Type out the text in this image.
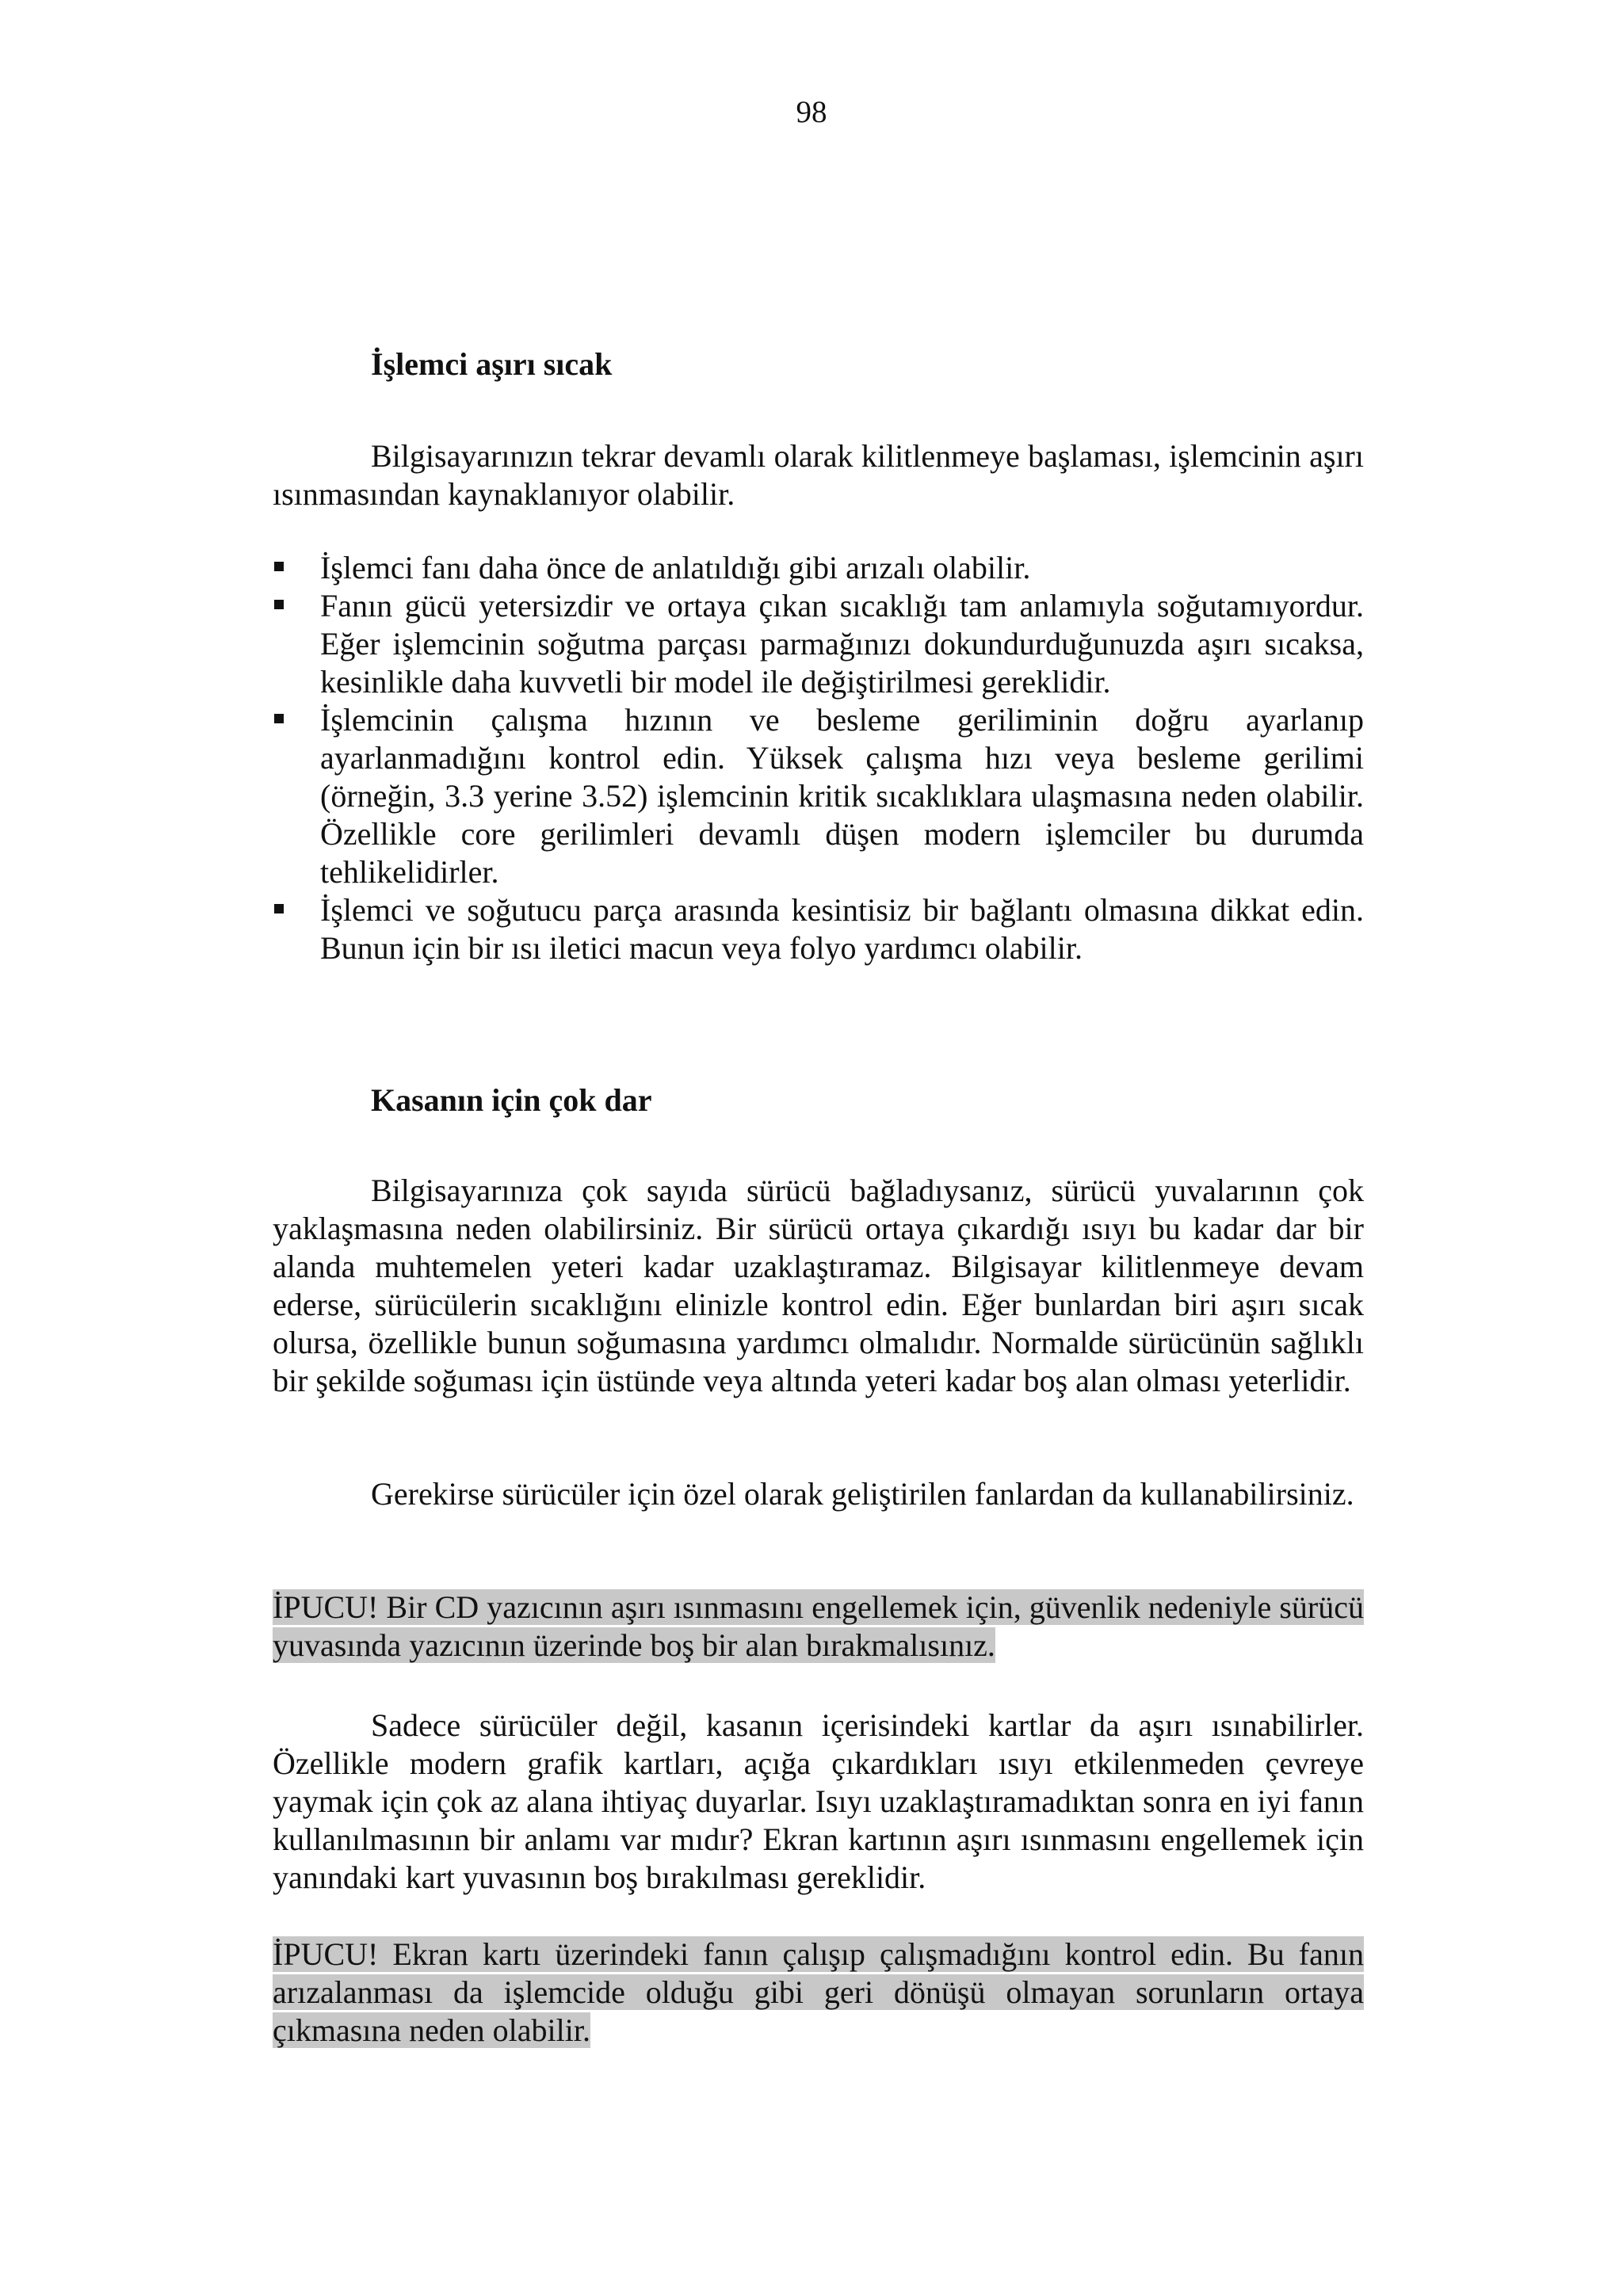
98
İşlemci aşırı sıcak

Bilgisayarınızın tekrar devamlı olarak kilitlenmeye başlaması, işlemcinin aşırı ısınmasından kaynaklanıyor olabilir.

İşlemci fanı daha önce de anlatıldığı gibi arızalı olabilir.
Fanın gücü yetersizdir ve ortaya çıkan sıcaklığı tam anlamıyla soğutamıyordur. Eğer işlemcinin soğutma parçası parmağınızı dokundurduğunuzda aşırı sıcaksa, kesinlikle daha kuvvetli bir model ile değiştirilmesi gereklidir.
İşlemcinin çalışma hızının ve besleme geriliminin doğru ayarlanıp ayarlanmadığını kontrol edin. Yüksek çalışma hızı veya besleme gerilimi (örneğin, 3.3 yerine 3.52) işlemcinin kritik sıcaklıklara ulaşmasına neden olabilir. Özellikle core gerilimleri devamlı düşen modern işlemciler bu durumda tehlikelidirler.
İşlemci ve soğutucu parça arasında kesintisiz bir bağlantı olmasına dikkat edin. Bunun için bir ısı iletici macun veya folyo yardımcı olabilir.
Kasanın için çok dar

Bilgisayarınıza çok sayıda sürücü bağladıysanız, sürücü yuvalarının çok yaklaşmasına neden olabilirsiniz. Bir sürücü ortaya çıkardığı ısıyı bu kadar dar bir alanda muhtemelen yeteri kadar uzaklaştıramaz. Bilgisayar kilitlenmeye devam ederse, sürücülerin sıcaklığını elinizle kontrol edin. Eğer bunlardan biri aşırı sıcak olursa, özellikle bunun soğumasına yardımcı olmalıdır. Normalde sürücünün sağlıklı bir şekilde soğuması için üstünde veya altında yeteri kadar boş alan olması yeterlidir.

Gerekirse sürücüler için özel olarak geliştirilen fanlardan da kullanabilirsiniz.

İPUCU! Bir CD yazıcının aşırı ısınmasını engellemek için, güvenlik nedeniyle sürücü yuvasında yazıcının üzerinde boş bir alan bırakmalısınız.

Sadece sürücüler değil, kasanın içerisindeki kartlar da aşırı ısınabilirler. Özellikle modern grafik kartları, açığa çıkardıkları ısıyı etkilenmeden çevreye yaymak için çok az alana ihtiyaç duyarlar. Isıyı uzaklaştıramadıktan sonra en iyi fanın kullanılmasının bir anlamı var mıdır? Ekran kartının aşırı ısınmasını engellemek için yanındaki kart yuvasının boş bırakılması gereklidir.

İPUCU! Ekran kartı üzerindeki fanın çalışıp çalışmadığını kontrol edin. Bu fanın arızalanması da işlemcide olduğu gibi geri dönüşü olmayan sorunların ortaya çıkmasına neden olabilir.
